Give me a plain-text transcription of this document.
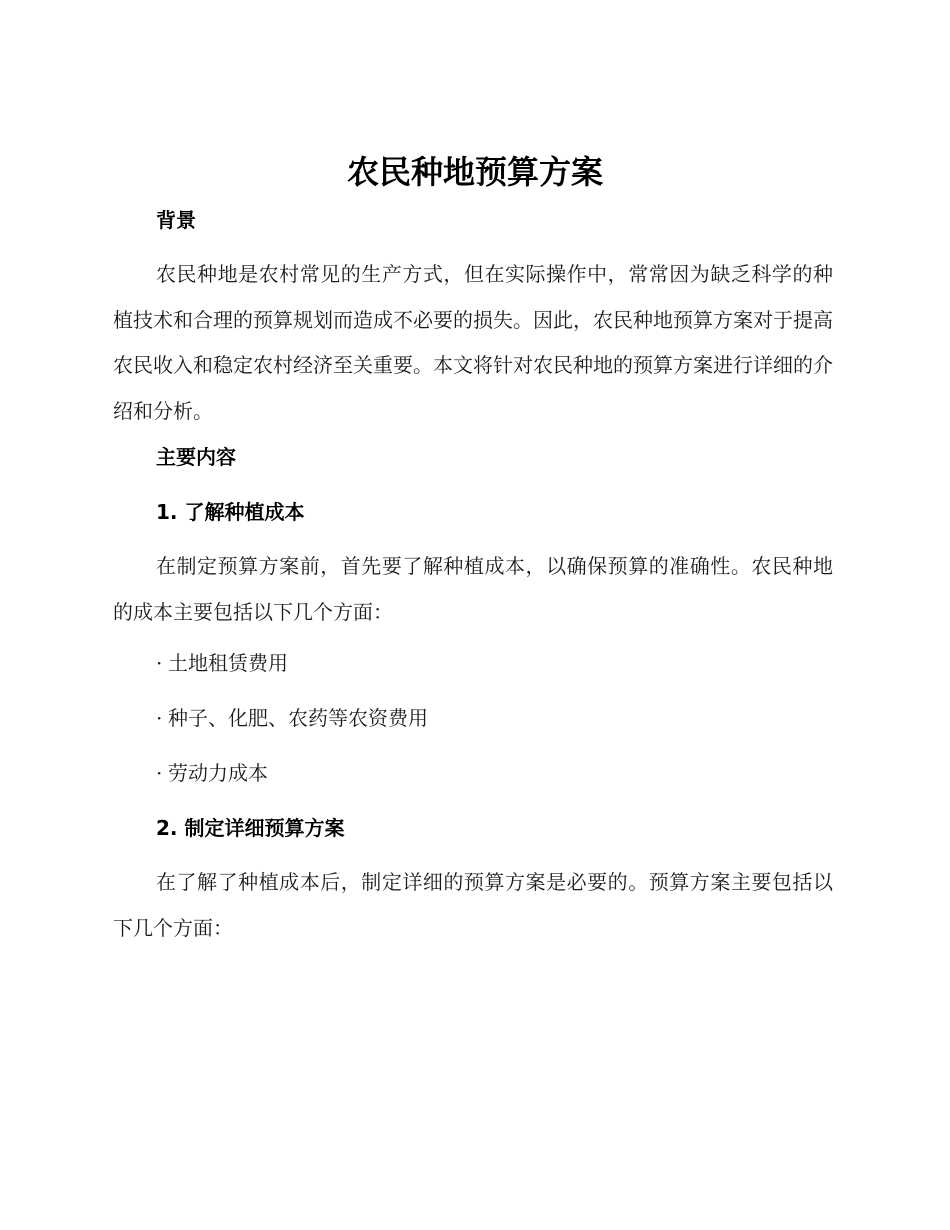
农民种地预算方案
背景

农民种地是农村常见的生产方式，但在实际操作中，常常因为缺乏科学的种植技术和合理的预算规划而造成不必要的损失。因此，农民种地预算方案对于提高农民收入和稳定农村经济至关重要。本文将针对农民种地的预算方案进行详细的介绍和分析。

主要内容
1. 了解种植成本

在制定预算方案前，首先要了解种植成本，以确保预算的准确性。农民种地的成本主要包括以下几个方面：

· 土地租赁费用

· 种子、化肥、农药等农资费用

· 劳动力成本

2. 制定详细预算方案

在了解了种植成本后，制定详细的预算方案是必要的。预算方案主要包括以下几个方面：
